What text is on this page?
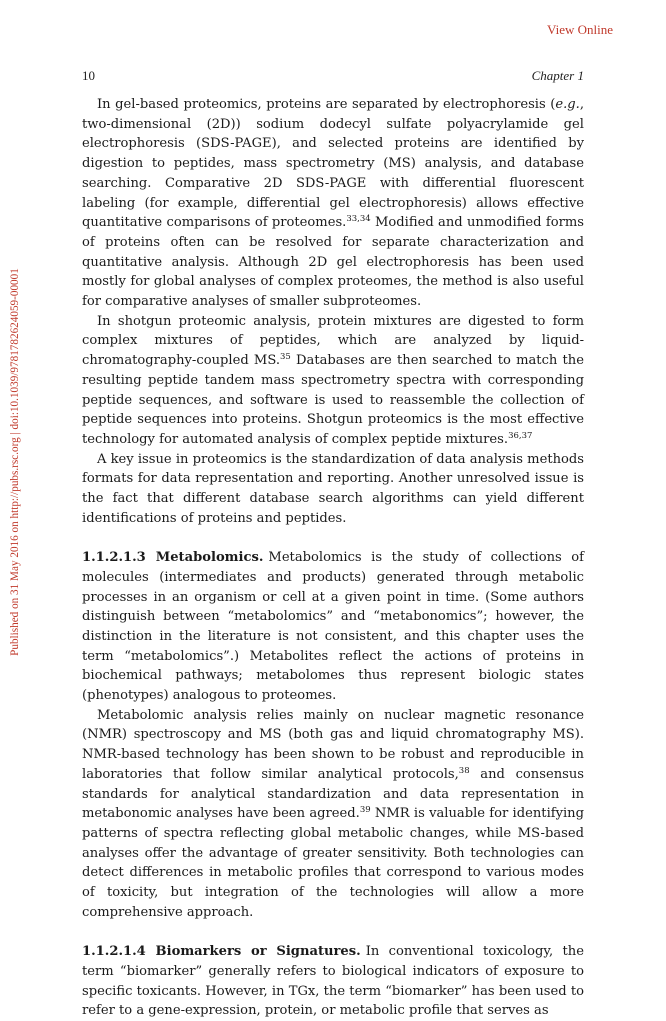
View Online
Published on 31 May 2016 on http://pubs.rsc.org | doi:10.1039/9781782624059-00001
10	Chapter 1

In gel-based proteomics, proteins are separated by electrophoresis (e.g., two-dimensional (2D)) sodium dodecyl sulfate polyacrylamide gel electrophoresis (SDS-PAGE), and selected proteins are identified by digestion to peptides, mass spectrometry (MS) analysis, and database searching. Comparative 2D SDS-PAGE with differential fluorescent labeling (for example, differential gel electrophoresis) allows effective quantitative comparisons of proteomes.$^{33,34}$ Modified and unmodified forms of proteins often can be resolved for separate characterization and quantitative analysis. Although 2D gel electrophoresis has been used mostly for global analyses of complex proteomes, the method is also useful for comparative analyses of smaller subproteomes.

In shotgun proteomic analysis, protein mixtures are digested to form complex mixtures of peptides, which are analyzed by liquid-chromatography-coupled MS.$^{35}$ Databases are then searched to match the resulting peptide tandem mass spectrometry spectra with corresponding peptide sequences, and software is used to reassemble the collection of peptide sequences into proteins. Shotgun proteomics is the most effective technology for automated analysis of complex peptide mixtures.$^{36,37}$

A key issue in proteomics is the standardization of data analysis methods formats for data representation and reporting. Another unresolved issue is the fact that different database search algorithms can yield different identifications of proteins and peptides.

1.1.2.1.3 Metabolomics. Metabolomics is the study of collections of molecules (intermediates and products) generated through metabolic processes in an organism or cell at a given point in time. (Some authors distinguish between “metabolomics” and “metabonomics”; however, the distinction in the literature is not consistent, and this chapter uses the term “metabolomics”.) Metabolites reflect the actions of proteins in biochemical pathways; metabolomes thus represent biologic states (phenotypes) analogous to proteomes.

Metabolomic analysis relies mainly on nuclear magnetic resonance (NMR) spectroscopy and MS (both gas and liquid chromatography MS). NMR-based technology has been shown to be robust and reproducible in laboratories that follow similar analytical protocols,$^{38}$ and consensus standards for analytical standardization and data representation in metabonomic analyses have been agreed.$^{39}$ NMR is valuable for identifying patterns of spectra reflecting global metabolic changes, while MS-based analyses offer the advantage of greater sensitivity. Both technologies can detect differences in metabolic profiles that correspond to various modes of toxicity, but integration of the technologies will allow a more comprehensive approach.

1.1.2.1.4 Biomarkers or Signatures. In conventional toxicology, the term “biomarker” generally refers to biological indicators of exposure to specific toxicants. However, in TGx, the term “biomarker” has been used to refer to a gene-expression, protein, or metabolic profile that serves as
